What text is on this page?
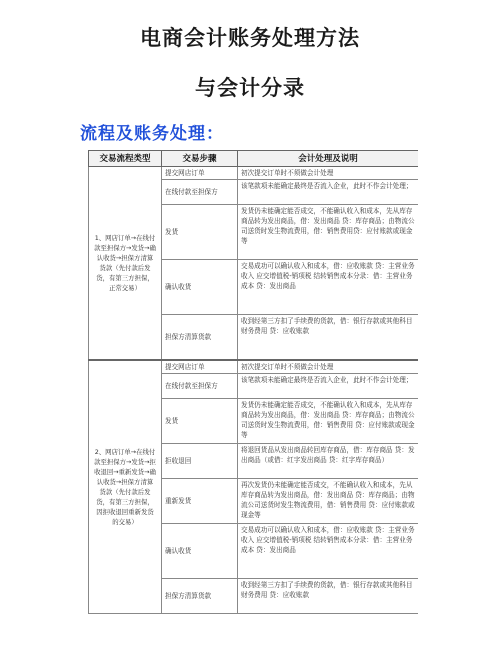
电商会计账务处理方法
与会计分录
流程及账务处理：
交易流程类型	交易步骤	会计处理及说明
1、网店订单→在线付款至担保方→发货→确认收货→担保方清算货款（先付款后发货，有第三方担保，正常交易）	提交网店订单	初次提交订单时不须做会计处理
	在线付款至担保方	该笔款项未能确定最终是否流入企业，此时不作会计处理；
	发货	发货仍未能确定能否成交，不能确认收入和成本，先从库存商品转为发出商品，借：发出商品 贷：库存商品；由物流公司送货时发生物流费用，借：销售费用贷：应付账款或现金等
	确认收货	交易成功可以确认收入和成本，借：应收账款 贷：主营业务收入 应交增值税-销项税 结转销售成本分录：借：主营业务成本 贷：发出商品
	担保方清算货款	收到经第三方扣了手续费的货款，借：银行存款或其他科目 财务费用 贷：应收账款
2、网店订单→在线付款至担保方→发货→拒收退回→重新发货→确认收货→担保方清算货款（先付款后发货，有第三方担保，因拒收退回重新发货的交易）	提交网店订单	初次提交订单时不须做会计处理
	在线付款至担保方	该笔款项未能确定最终是否流入企业，此时不作会计处理；
	发货	发货仍未能确定能否成交，不能确认收入和成本，先从库存商品转为发出商品，借：发出商品 贷：库存商品；由物流公司送货时发生物流费用，借：销售费用 贷：应付账款或现金等
	拒收退回	将退回货品从发出商品转回库存商品，借：库存商品 贷：发出商品（或借：红字发出商品 贷：红字库存商品）
	重新发货	再次发货仍未能确定能否成交，不能确认收入和成本，先从库存商品转为发出商品，借：发出商品 贷：库存商品；由物流公司送货时发生物流费用，借：销售费用 贷：应付账款或现金等
	确认收货	交易成功可以确认收入和成本，借：应收账款 贷：主营业务收入 应交增值税-销项税 结转销售成本分录：借：主营业务成本 贷：发出商品
	担保方清算货款	收到经第三方扣了手续费的货款，借：银行存款或其他科目 财务费用 贷：应收账款
